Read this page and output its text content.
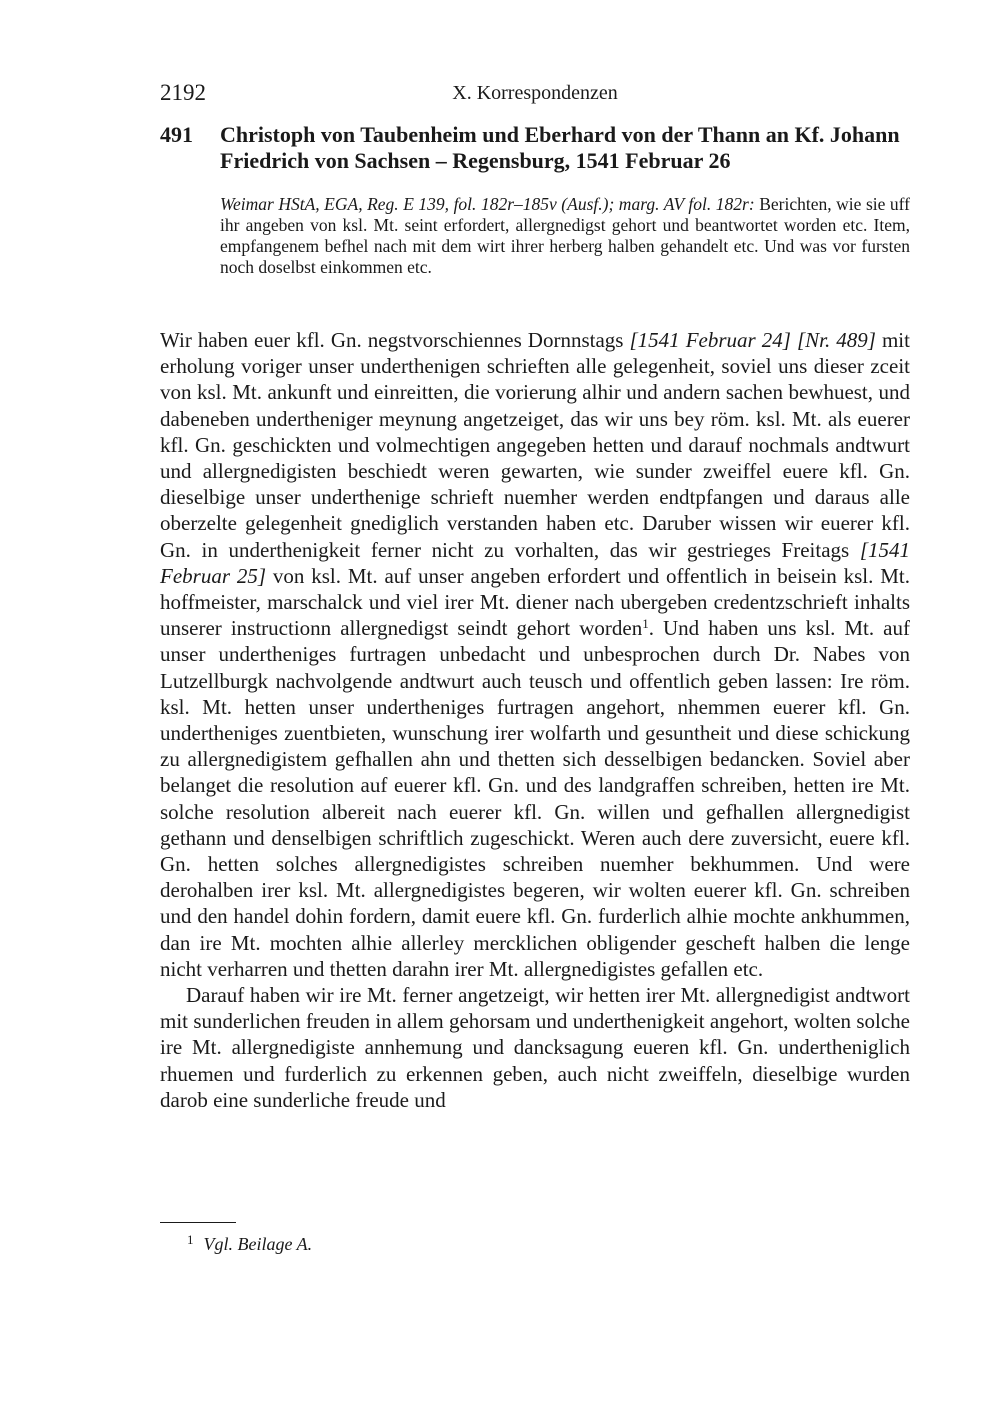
2192	X. Korrespondenzen
491 Christoph von Taubenheim und Eberhard von der Thann an Kf. Johann Friedrich von Sachsen – Regensburg, 1541 Februar 26
Weimar HStA, EGA, Reg. E 139, fol. 182r–185v (Ausf.); marg. AV fol. 182r: Berichten, wie sie uff ihr angeben von ksl. Mt. seint erfordert, allergnedigst gehort und beantwortet worden etc. Item, empfangenem befhel nach mit dem wirt ihrer herberg halben gehandelt etc. Und was vor fursten noch doselbst einkommen etc.

Wir haben euer kfl. Gn. negstvorschiennes Dornnstags [1541 Februar 24] [Nr. 489] mit erholung voriger unser underthenigen schrieften alle gelegenheit, soviel uns dieser zceit von ksl. Mt. ankunft und einreitten, die vorierung alhir und andern sachen bewhuest, und dabeneben undertheniger meynung angetzeiget, das wir uns bey röm. ksl. Mt. als euerer kfl. Gn. geschickten und volmechtigen angegeben hetten und darauf nochmals andtwurt und allergnedigisten beschiedt weren gewarten, wie sunder zweiffel euere kfl. Gn. dieselbige unser underthenige schrieft nuemher werden endtpfangen und daraus alle oberzelte gelegenheit gnediglich verstanden haben etc. Daruber wissen wir euerer kfl. Gn. in underthenigkeit ferner nicht zu vorhalten, das wir gestrieges Freitags [1541 Februar 25] von ksl. Mt. auf unser angeben erfordert und offentlich in beisein ksl. Mt. hoffmeister, marschalck und viel irer Mt. diener nach ubergeben credentzschrieft inhalts unserer instructionn allergnedigst seindt gehort worden$^1$. Und haben uns ksl. Mt. auf unser undertheniges furtragen unbedacht und unbesprochen durch Dr. Nabes von Lutzellburgk nachvolgende andtwurt auch teusch und offentlich geben lassen: Ire röm. ksl. Mt. hetten unser undertheniges furtragen angehort, nhemmen euerer kfl. Gn. undertheniges zuentbieten, wunschung irer wolfarth und gesuntheit und diese schickung zu allergnedigistem gefhallen ahn und thetten sich desselbigen bedancken. Soviel aber belanget die resolution auf euerer kfl. Gn. und des landgraffen schreiben, hetten ire Mt. solche resolution albereit nach euerer kfl. Gn. willen und gefhallen allergnedigist gethann und denselbigen schriftlich zugeschickt. Weren auch dere zuversicht, euere kfl. Gn. hetten solches allergnedigistes schreiben nuemher bekhummen. Und were derohalben irer ksl. Mt. allergnedigistes begeren, wir wolten euerer kfl. Gn. schreiben und den handel dohin fordern, damit euere kfl. Gn. furderlich alhie mochte ankhummen, dan ire Mt. mochten alhie allerley mercklichen obligender gescheft halben die lenge nicht verharren und thetten darahn irer Mt. allergnedigistes gefallen etc.

Darauf haben wir ire Mt. ferner angetzeigt, wir hetten irer Mt. allergnedigist andtwort mit sunderlichen freuden in allem gehorsam und underthenigkeit angehort, wolten solche ire Mt. allergnedigiste annhemung und dancksagung eueren kfl. Gn. undertheniglich rhuemen und furderlich zu erkennen geben, auch nicht zweiffeln, dieselbige wurden darob eine sunderliche freude und

$^1$ Vgl. Beilage A.
